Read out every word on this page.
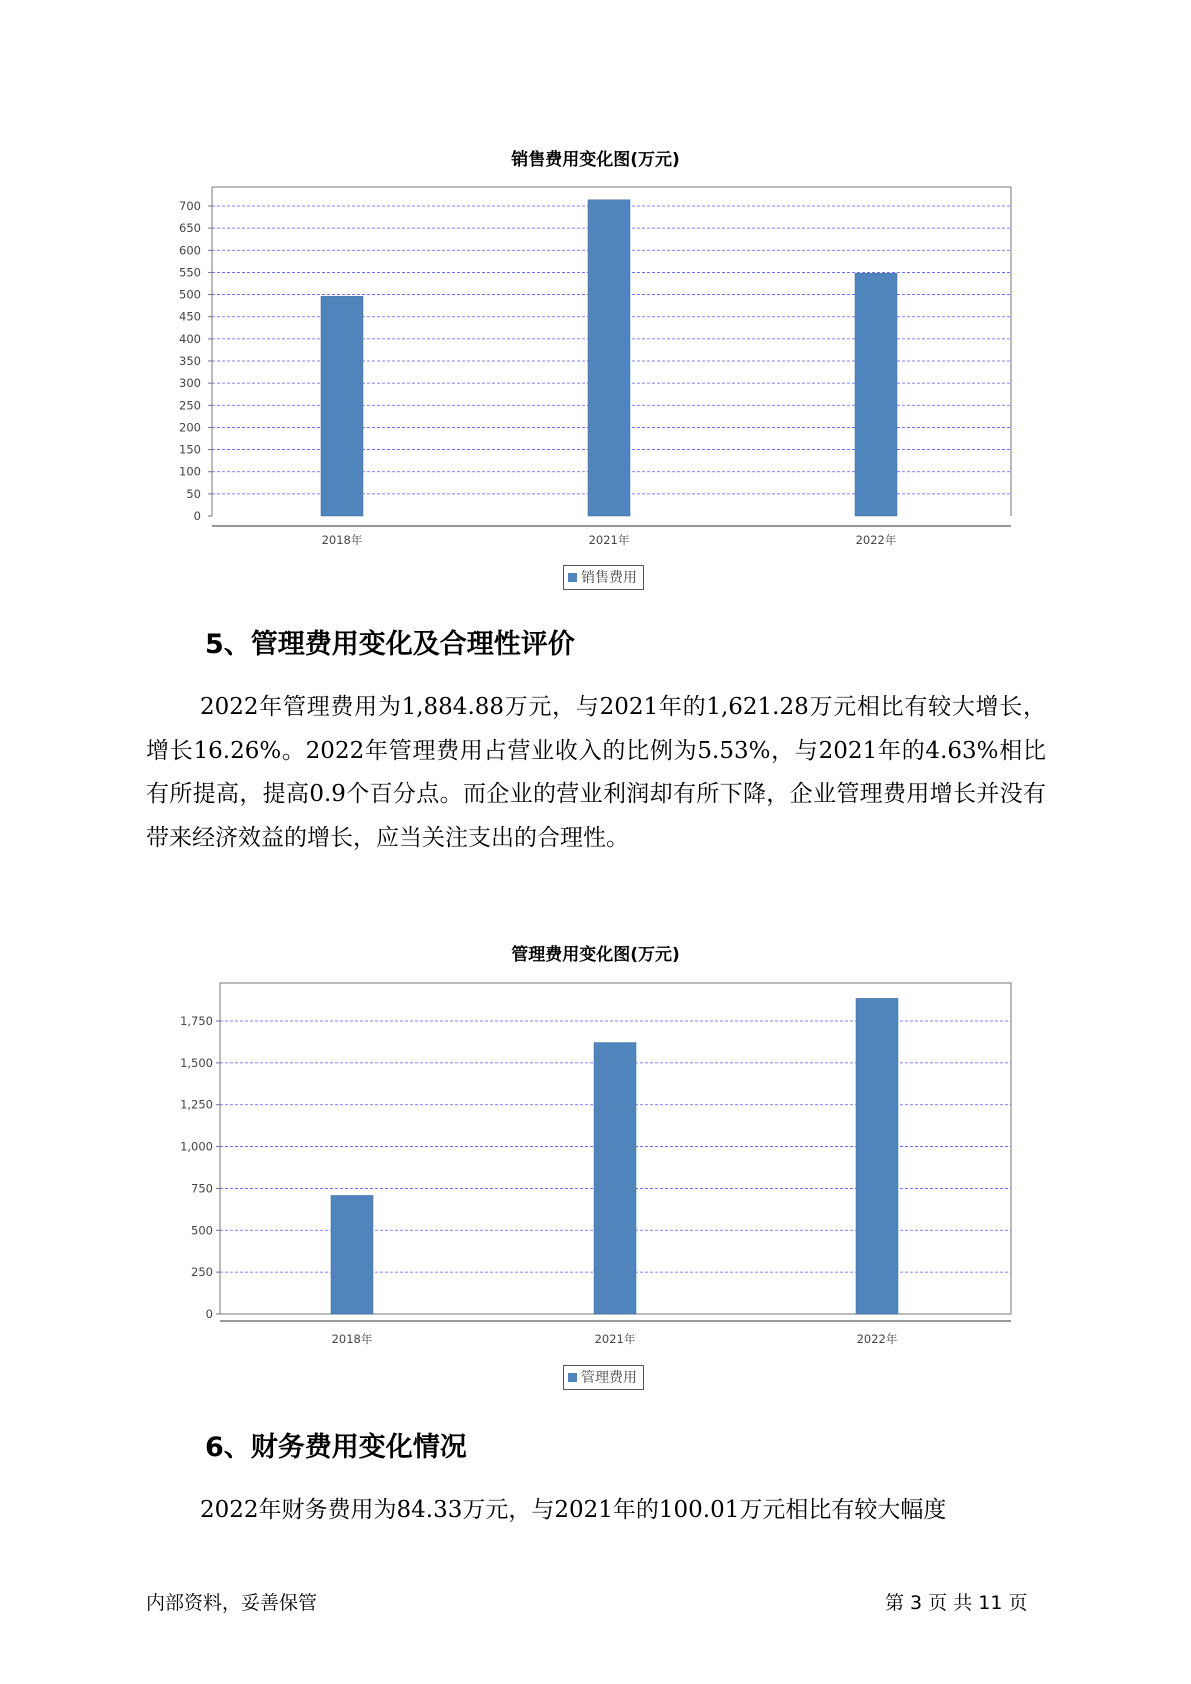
销售费用变化图(万元)
0
50
100
150
200
250
300
350
400
450
500
550
600
650
700
2018年	2021年	2022年
销售费用
5、管理费用变化及合理性评价
2022年管理费用为1,884.88万元，与2021年的1,621.28万元相比有较大增长，增长16.26%。2022年管理费用占营业收入的比例为5.53%，与2021年的4.63%相比有所提高，提高0.9个百分点。而企业的营业利润却有所下降，企业管理费用增长并没有带来经济效益的增长，应当关注支出的合理性。
管理费用变化图(万元)
0
250
500
750
1,000
1,250
1,500
1,750
2018年	2021年	2022年
管理费用
6、财务费用变化情况
2022年财务费用为84.33万元，与2021年的100.01万元相比有较大幅度
内部资料，妥善保管	第 3 页 共 11 页
